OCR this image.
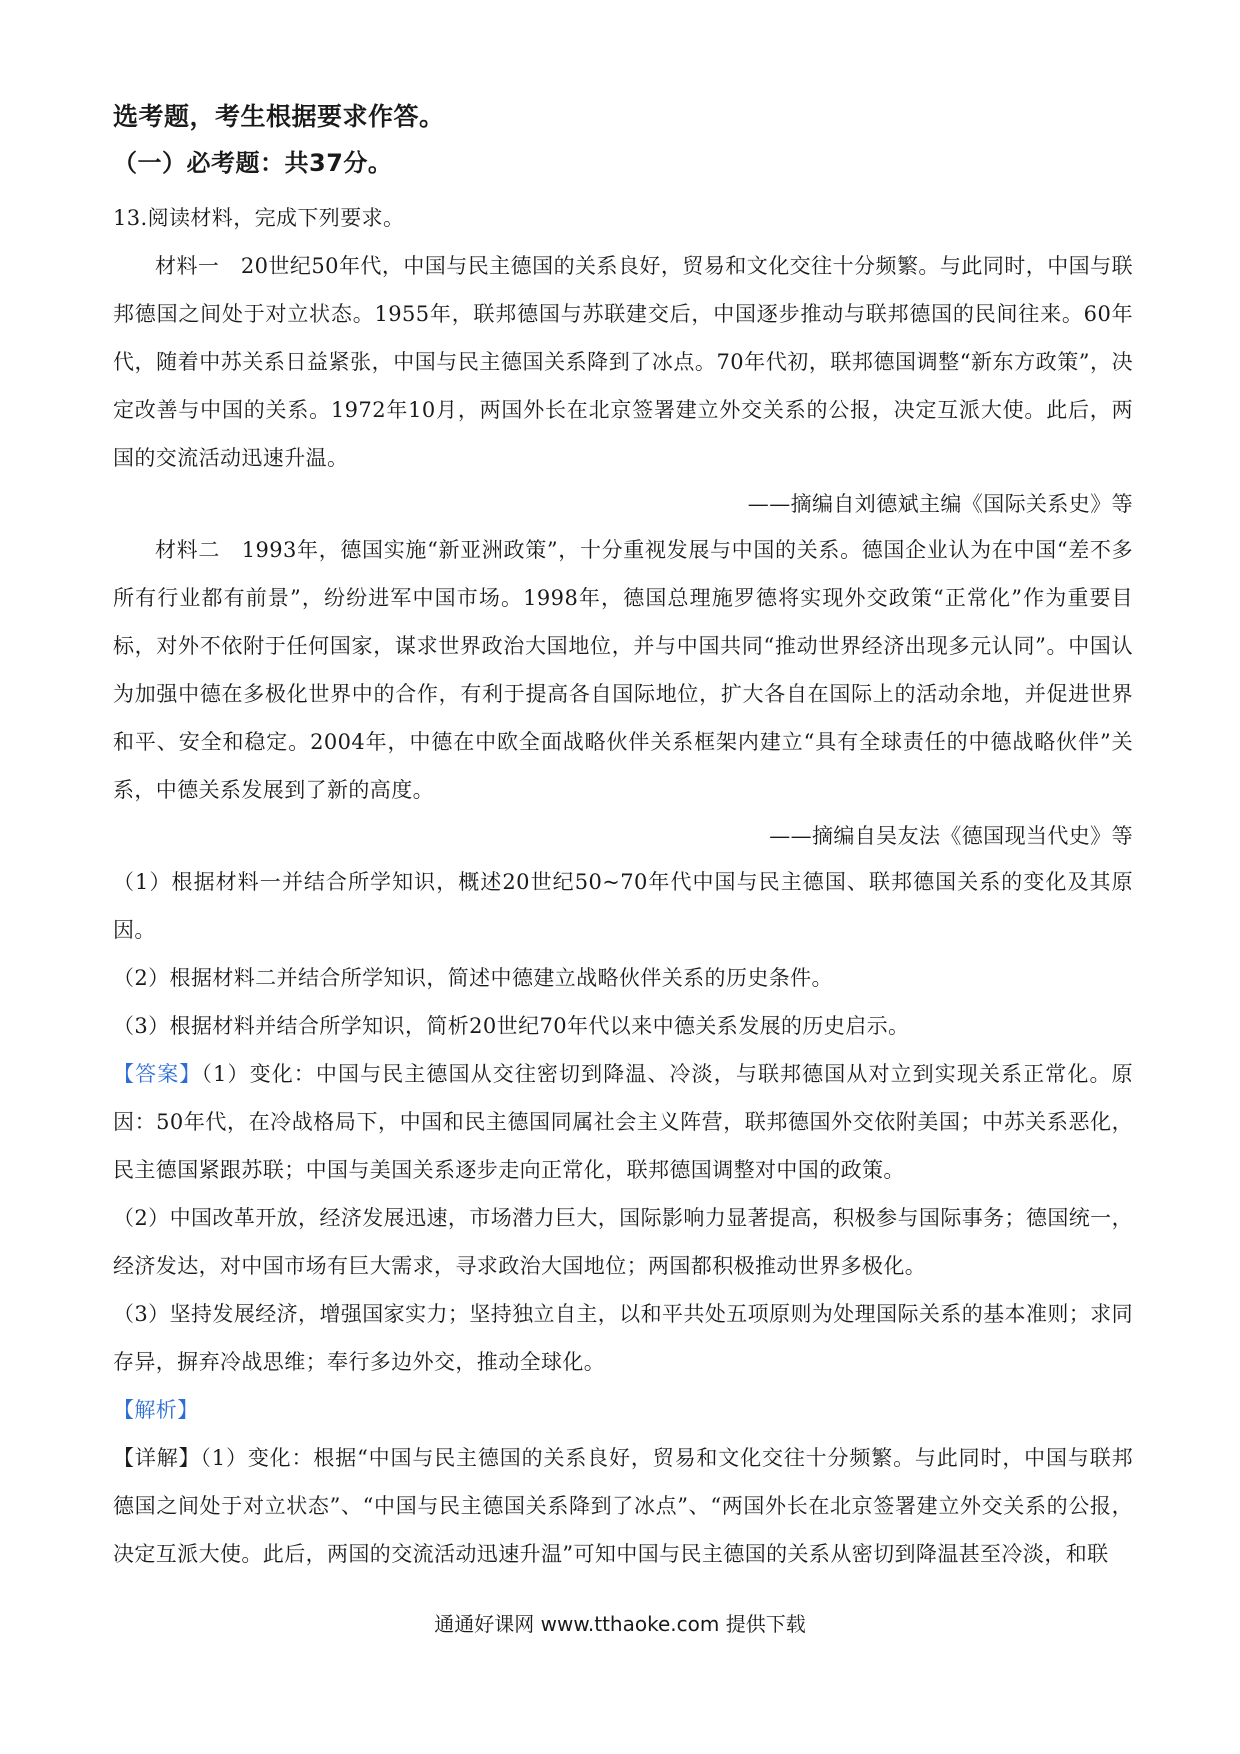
选考题，考生根据要求作答。
（一）必考题：共37分。

13.阅读材料，完成下列要求。

材料一　20世纪50年代，中国与民主德国的关系良好，贸易和文化交往十分频繁。与此同时，中国与联邦德国之间处于对立状态。1955年，联邦德国与苏联建交后，中国逐步推动与联邦德国的民间往来。60年代，随着中苏关系日益紧张，中国与民主德国关系降到了冰点。70年代初，联邦德国调整“新东方政策”，决定改善与中国的关系。1972年10月，两国外长在北京签署建立外交关系的公报，决定互派大使。此后，两国的交流活动迅速升温。

——摘编自刘德斌主编《国际关系史》等

材料二　1993年，德国实施“新亚洲政策”，十分重视发展与中国的关系。德国企业认为在中国“差不多所有行业都有前景”，纷纷进军中国市场。1998年，德国总理施罗德将实现外交政策“正常化”作为重要目标，对外不依附于任何国家，谋求世界政治大国地位，并与中国共同“推动世界经济出现多元认同”。中国认为加强中德在多极化世界中的合作，有利于提高各自国际地位，扩大各自在国际上的活动余地，并促进世界和平、安全和稳定。2004年，中德在中欧全面战略伙伴关系框架内建立“具有全球责任的中德战略伙伴”关系，中德关系发展到了新的高度。

——摘编自吴友法《德国现当代史》等

（1）根据材料一并结合所学知识，概述20世纪50~70年代中国与民主德国、联邦德国关系的变化及其原因。

（2）根据材料二并结合所学知识，简述中德建立战略伙伴关系的历史条件。

（3）根据材料并结合所学知识，简析20世纪70年代以来中德关系发展的历史启示。

【答案】（1）变化：中国与民主德国从交往密切到降温、冷淡，与联邦德国从对立到实现关系正常化。原因：50年代，在冷战格局下，中国和民主德国同属社会主义阵营，联邦德国外交依附美国；中苏关系恶化，民主德国紧跟苏联；中国与美国关系逐步走向正常化，联邦德国调整对中国的政策。

（2）中国改革开放，经济发展迅速，市场潜力巨大，国际影响力显著提高，积极参与国际事务；德国统一，经济发达，对中国市场有巨大需求，寻求政治大国地位；两国都积极推动世界多极化。

（3）坚持发展经济，增强国家实力；坚持独立自主，以和平共处五项原则为处理国际关系的基本准则；求同存异，摒弃冷战思维；奉行多边外交，推动全球化。

【解析】

【详解】（1）变化：根据“中国与民主德国的关系良好，贸易和文化交往十分频繁。与此同时，中国与联邦德国之间处于对立状态”、“中国与民主德国关系降到了冰点”、“两国外长在北京签署建立外交关系的公报，决定互派大使。此后，两国的交流活动迅速升温”可知中国与民主德国的关系从密切到降温甚至冷淡，和联

通通好课网 www.tthaoke.com 提供下载
